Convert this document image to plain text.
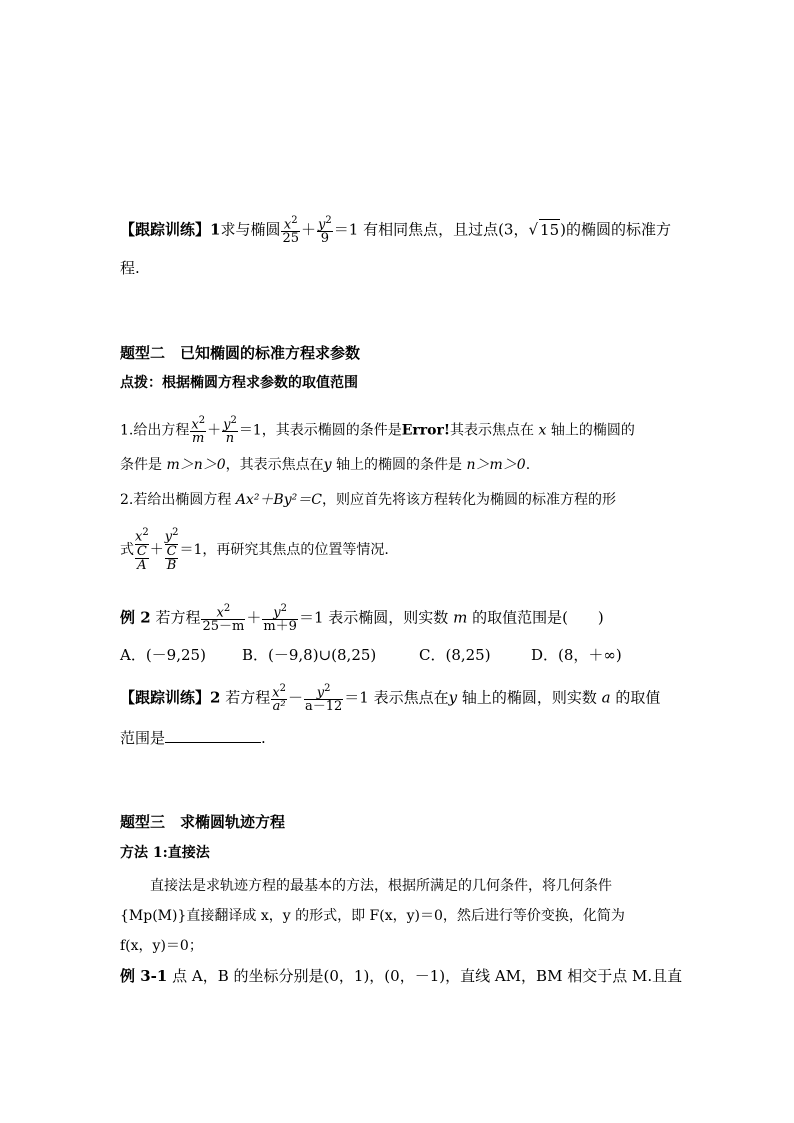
【跟踪训练】1求与椭圆 $\frac{x^2}{25} + \frac{y^2}{9} =1$ 有相同焦点，且过点(3，√ 15)的椭圆的标准方
程.
题型二　已知椭圆的标准方程求参数
点拨：根据椭圆方程求参数的取值范围
1.给出方程 $\frac{x^2}{m} + \frac{y^2}{n} =1$，其表示椭圆的条件是Error!其表示焦点在 x 轴上的椭圆的
条件是 m＞n＞0，其表示焦点在y 轴上的椭圆的条件是 n＞m＞0.
2.若给出椭圆方程 Ax²＋By²＝C，则应首先将该方程转化为椭圆的标准方程的形
式
$x^2$
C
A
＋
$y^2$
C
B
＝1，再研究其焦点的位置等情况.
例 2 若方程 $\frac{x^2}{25-m} + \frac{y^2}{m+9} =1$ 表示椭圆，则实数 m 的取值范围是(　　)
A．(－9,25) B．(－9,8)∪(8,25)	C．(8,25)	D．(8，＋∞)
【跟踪训练】2 若方程 $\frac{x^2}{\text{a²}} - \frac{y^2}{a-12} =1$ 表示焦点在y 轴上的椭圆，则实数 a 的取值
范围是	.
题型三　求椭圆轨迹方程
方法 1:直接法
直接法是求轨迹方程的最基本的方法，根据所满足的几何条件，将几何条件
{Mp(M)}直接翻译成 x，y 的形式，即 F(x，y)＝0，然后进行等价变换，化简为
f(x，y)＝0；
例 3-1 点 A，B 的坐标分别是(0，1)，(0，－1)，直线 AM，BM 相交于点 M.且直
